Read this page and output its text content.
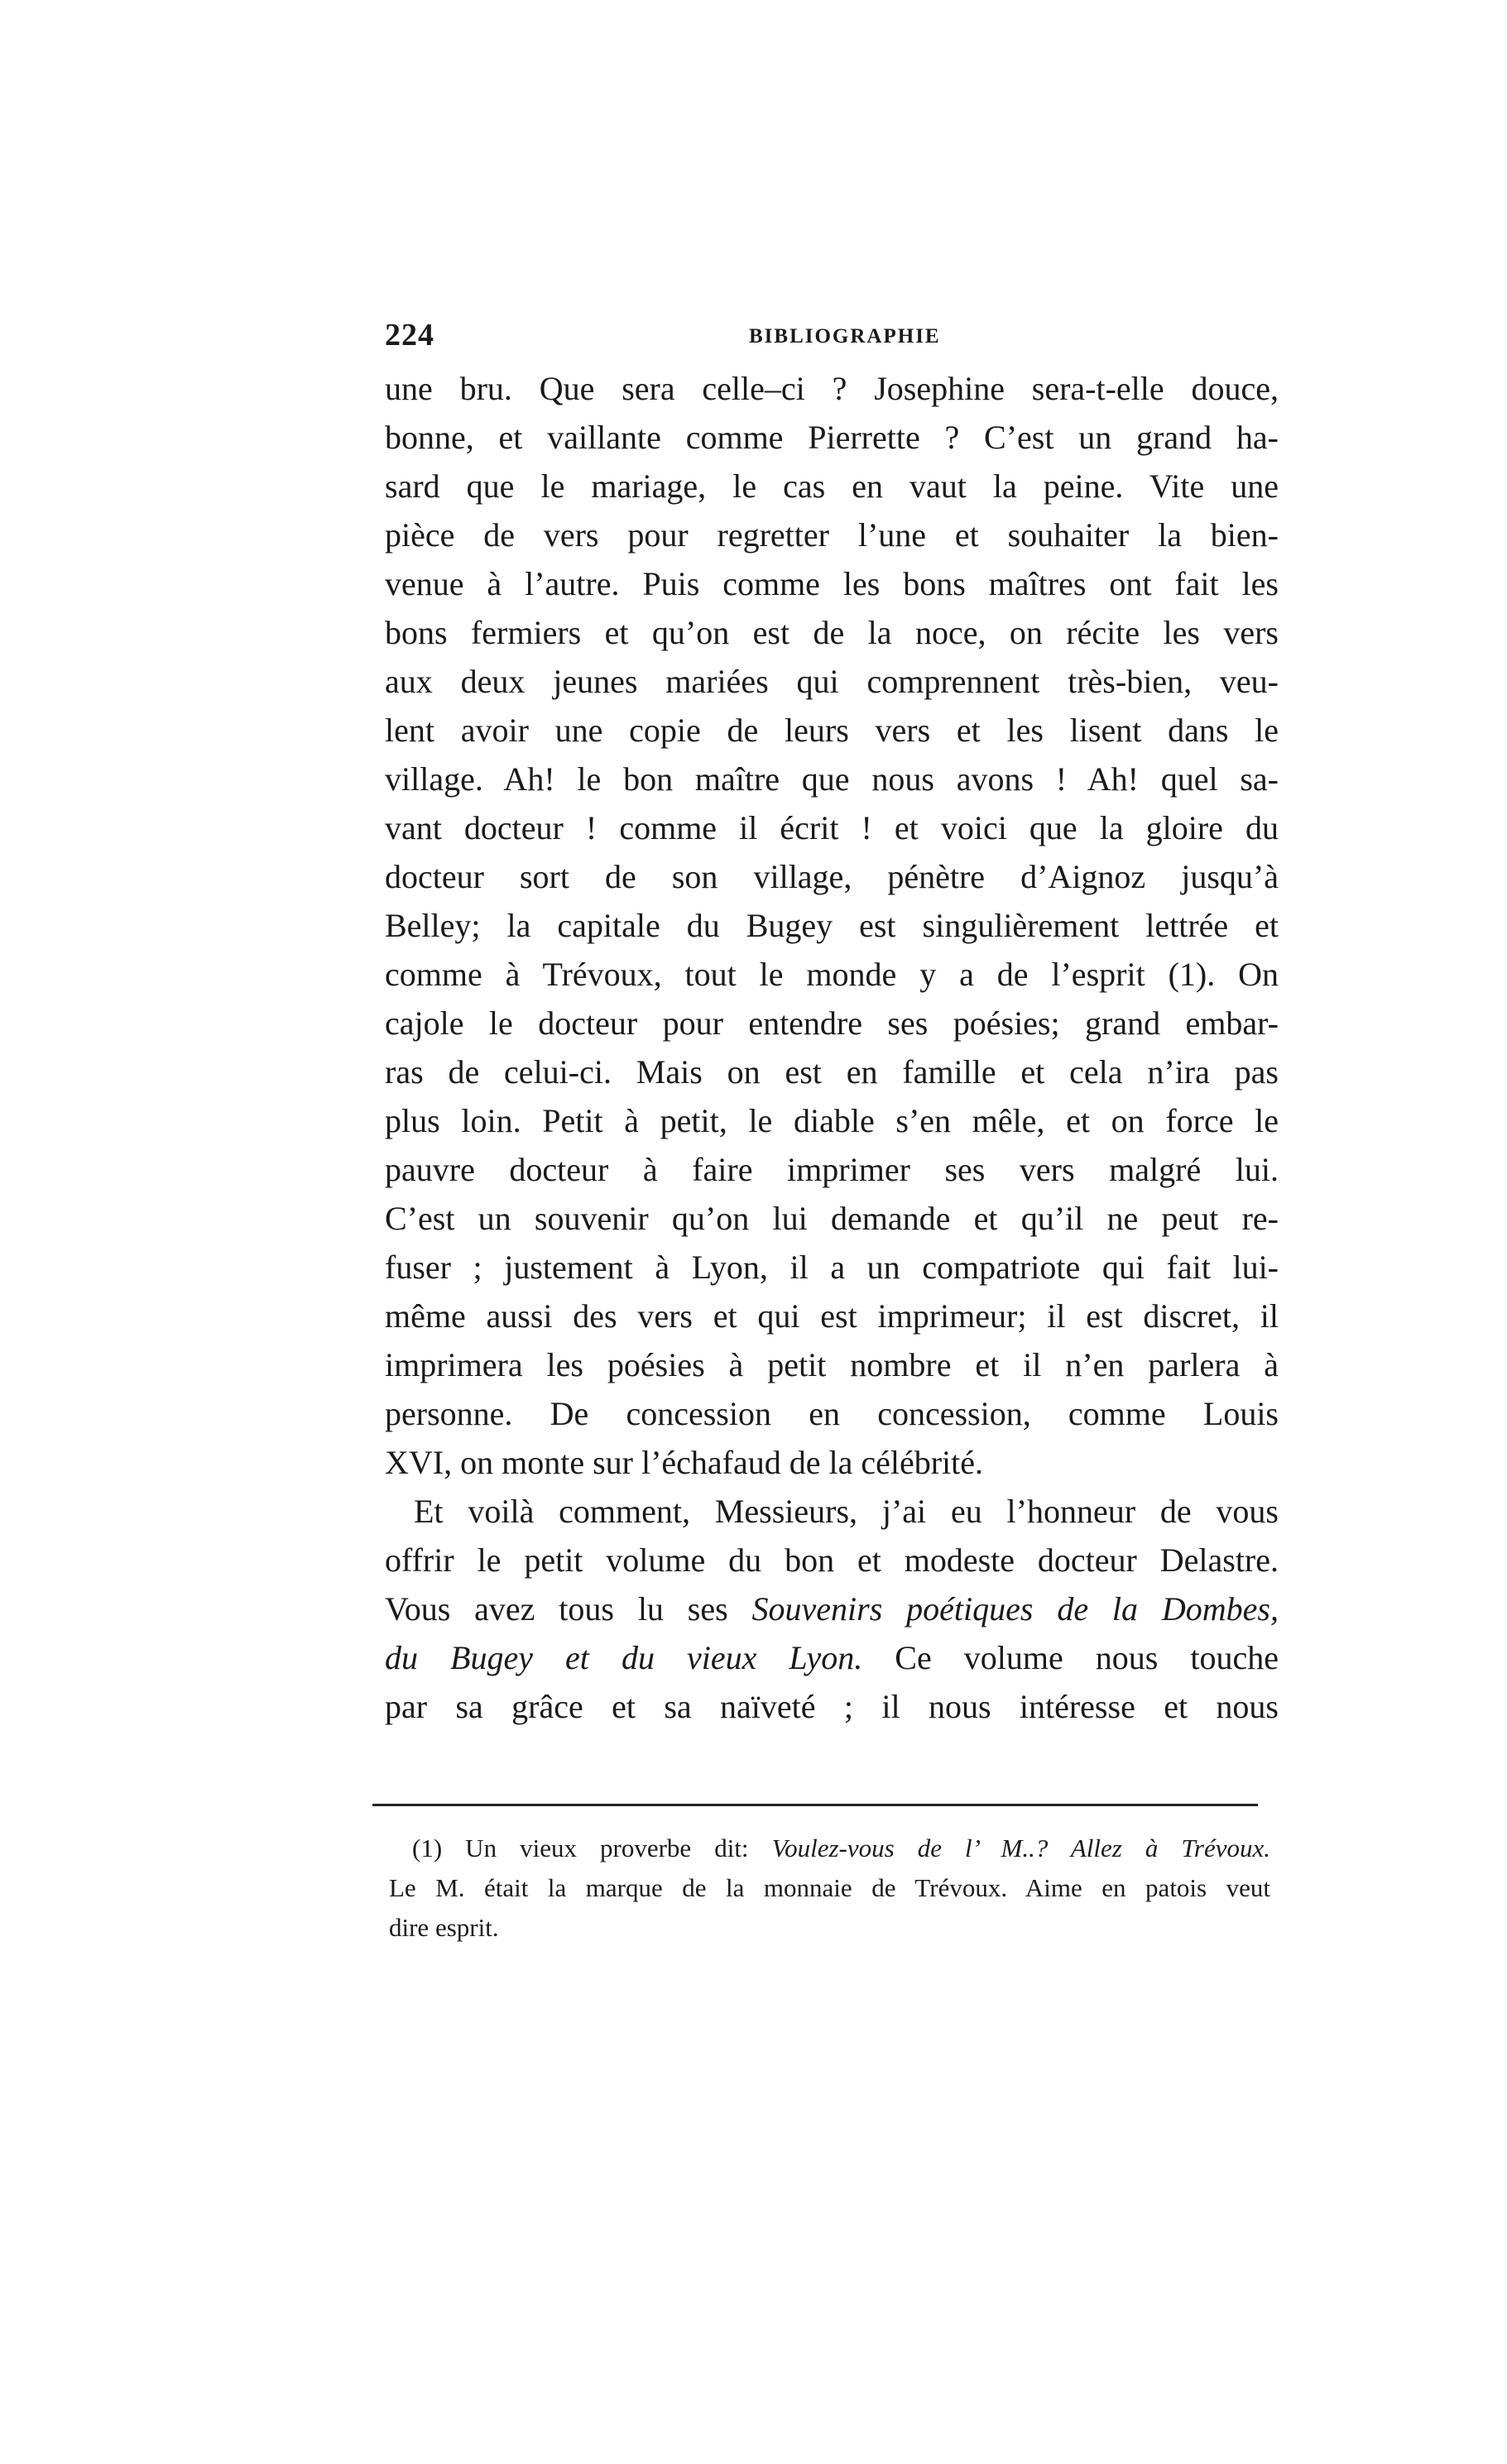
224	BIBLIOGRAPHIE
une bru. Que sera celle–ci ? Josephine sera-t-elle douce,
bonne, et vaillante comme Pierrette ? C’est un grand ha-
sard que le mariage, le cas en vaut la peine. Vite une
pièce de vers pour regretter l’une et souhaiter la bien-
venue à l’autre. Puis comme les bons maîtres ont fait les
bons fermiers et qu’on est de la noce, on récite les vers
aux deux jeunes mariées qui comprennent très-bien, veu-
lent avoir une copie de leurs vers et les lisent dans le
village. Ah! le bon maître que nous avons ! Ah! quel sa-
vant docteur ! comme il écrit ! et voici que la gloire du
docteur sort de son village, pénètre d’Aignoz jusqu’à
Belley; la capitale du Bugey est singulièrement lettrée et
comme à Trévoux, tout le monde y a de l’esprit (1). On
cajole le docteur pour entendre ses poésies; grand embar-
ras de celui-ci. Mais on est en famille et cela n’ira pas
plus loin. Petit à petit, le diable s’en mêle, et on force le
pauvre docteur à faire imprimer ses vers malgré lui.
C’est un souvenir qu’on lui demande et qu’il ne peut re-
fuser ; justement à Lyon, il a un compatriote qui fait lui-
même aussi des vers et qui est imprimeur; il est discret, il
imprimera les poésies à petit nombre et il n’en parlera à
personne. De concession en concession, comme Louis
XVI, on monte sur l’échafaud de la célébrité.
Et voilà comment, Messieurs, j’ai eu l’honneur de vous
offrir le petit volume du bon et modeste docteur Delastre.
Vous avez tous lu ses Souvenirs poétiques de la Dombes,
du Bugey et du vieux Lyon. Ce volume nous touche
par sa grâce et sa naïveté ; il nous intéresse et nous
(1) Un vieux proverbe dit: Voulez-vous de l’ M..? Allez à Trévoux.
Le M. était la marque de la monnaie de Trévoux. Aime en patois veut
dire esprit.
